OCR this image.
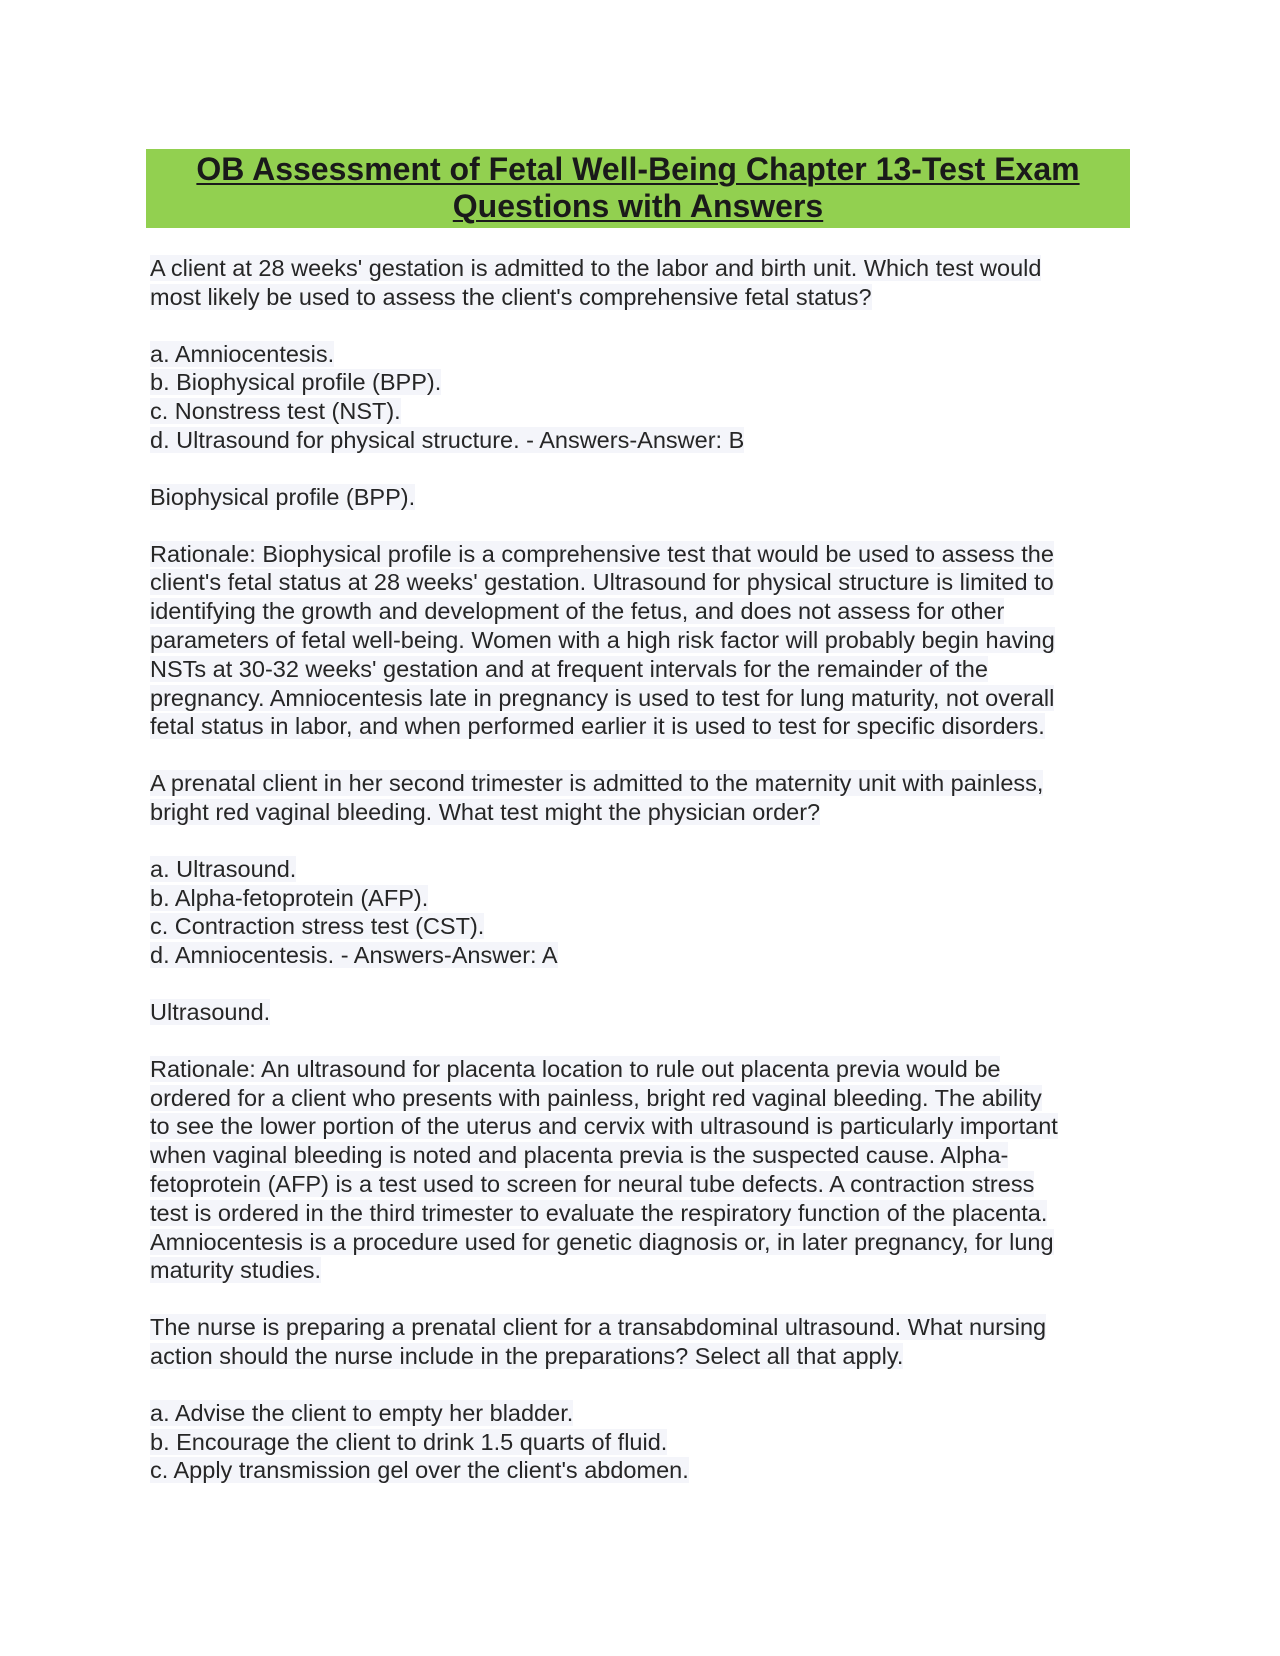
OB Assessment of Fetal Well-Being Chapter 13-Test Exam
Questions with Answers
A client at 28 weeks' gestation is admitted to the labor and birth unit. Which test would
most likely be used to assess the client's comprehensive fetal status?
a. Amniocentesis.
b. Biophysical profile (BPP).
c. Nonstress test (NST).
d. Ultrasound for physical structure. - Answers-Answer: B
Biophysical profile (BPP).
Rationale: Biophysical profile is a comprehensive test that would be used to assess the
client's fetal status at 28 weeks' gestation. Ultrasound for physical structure is limited to
identifying the growth and development of the fetus, and does not assess for other
parameters of fetal well-being. Women with a high risk factor will probably begin having
NSTs at 30-32 weeks' gestation and at frequent intervals for the remainder of the
pregnancy. Amniocentesis late in pregnancy is used to test for lung maturity, not overall
fetal status in labor, and when performed earlier it is used to test for specific disorders.
A prenatal client in her second trimester is admitted to the maternity unit with painless,
bright red vaginal bleeding. What test might the physician order?
a. Ultrasound.
b. Alpha-fetoprotein (AFP).
c. Contraction stress test (CST).
d. Amniocentesis. - Answers-Answer: A
Ultrasound.
Rationale: An ultrasound for placenta location to rule out placenta previa would be
ordered for a client who presents with painless, bright red vaginal bleeding. The ability
to see the lower portion of the uterus and cervix with ultrasound is particularly important
when vaginal bleeding is noted and placenta previa is the suspected cause. Alpha-
fetoprotein (AFP) is a test used to screen for neural tube defects. A contraction stress
test is ordered in the third trimester to evaluate the respiratory function of the placenta.
Amniocentesis is a procedure used for genetic diagnosis or, in later pregnancy, for lung
maturity studies.
The nurse is preparing a prenatal client for a transabdominal ultrasound. What nursing
action should the nurse include in the preparations? Select all that apply.
a. Advise the client to empty her bladder.
b. Encourage the client to drink 1.5 quarts of fluid.
c. Apply transmission gel over the client's abdomen.
